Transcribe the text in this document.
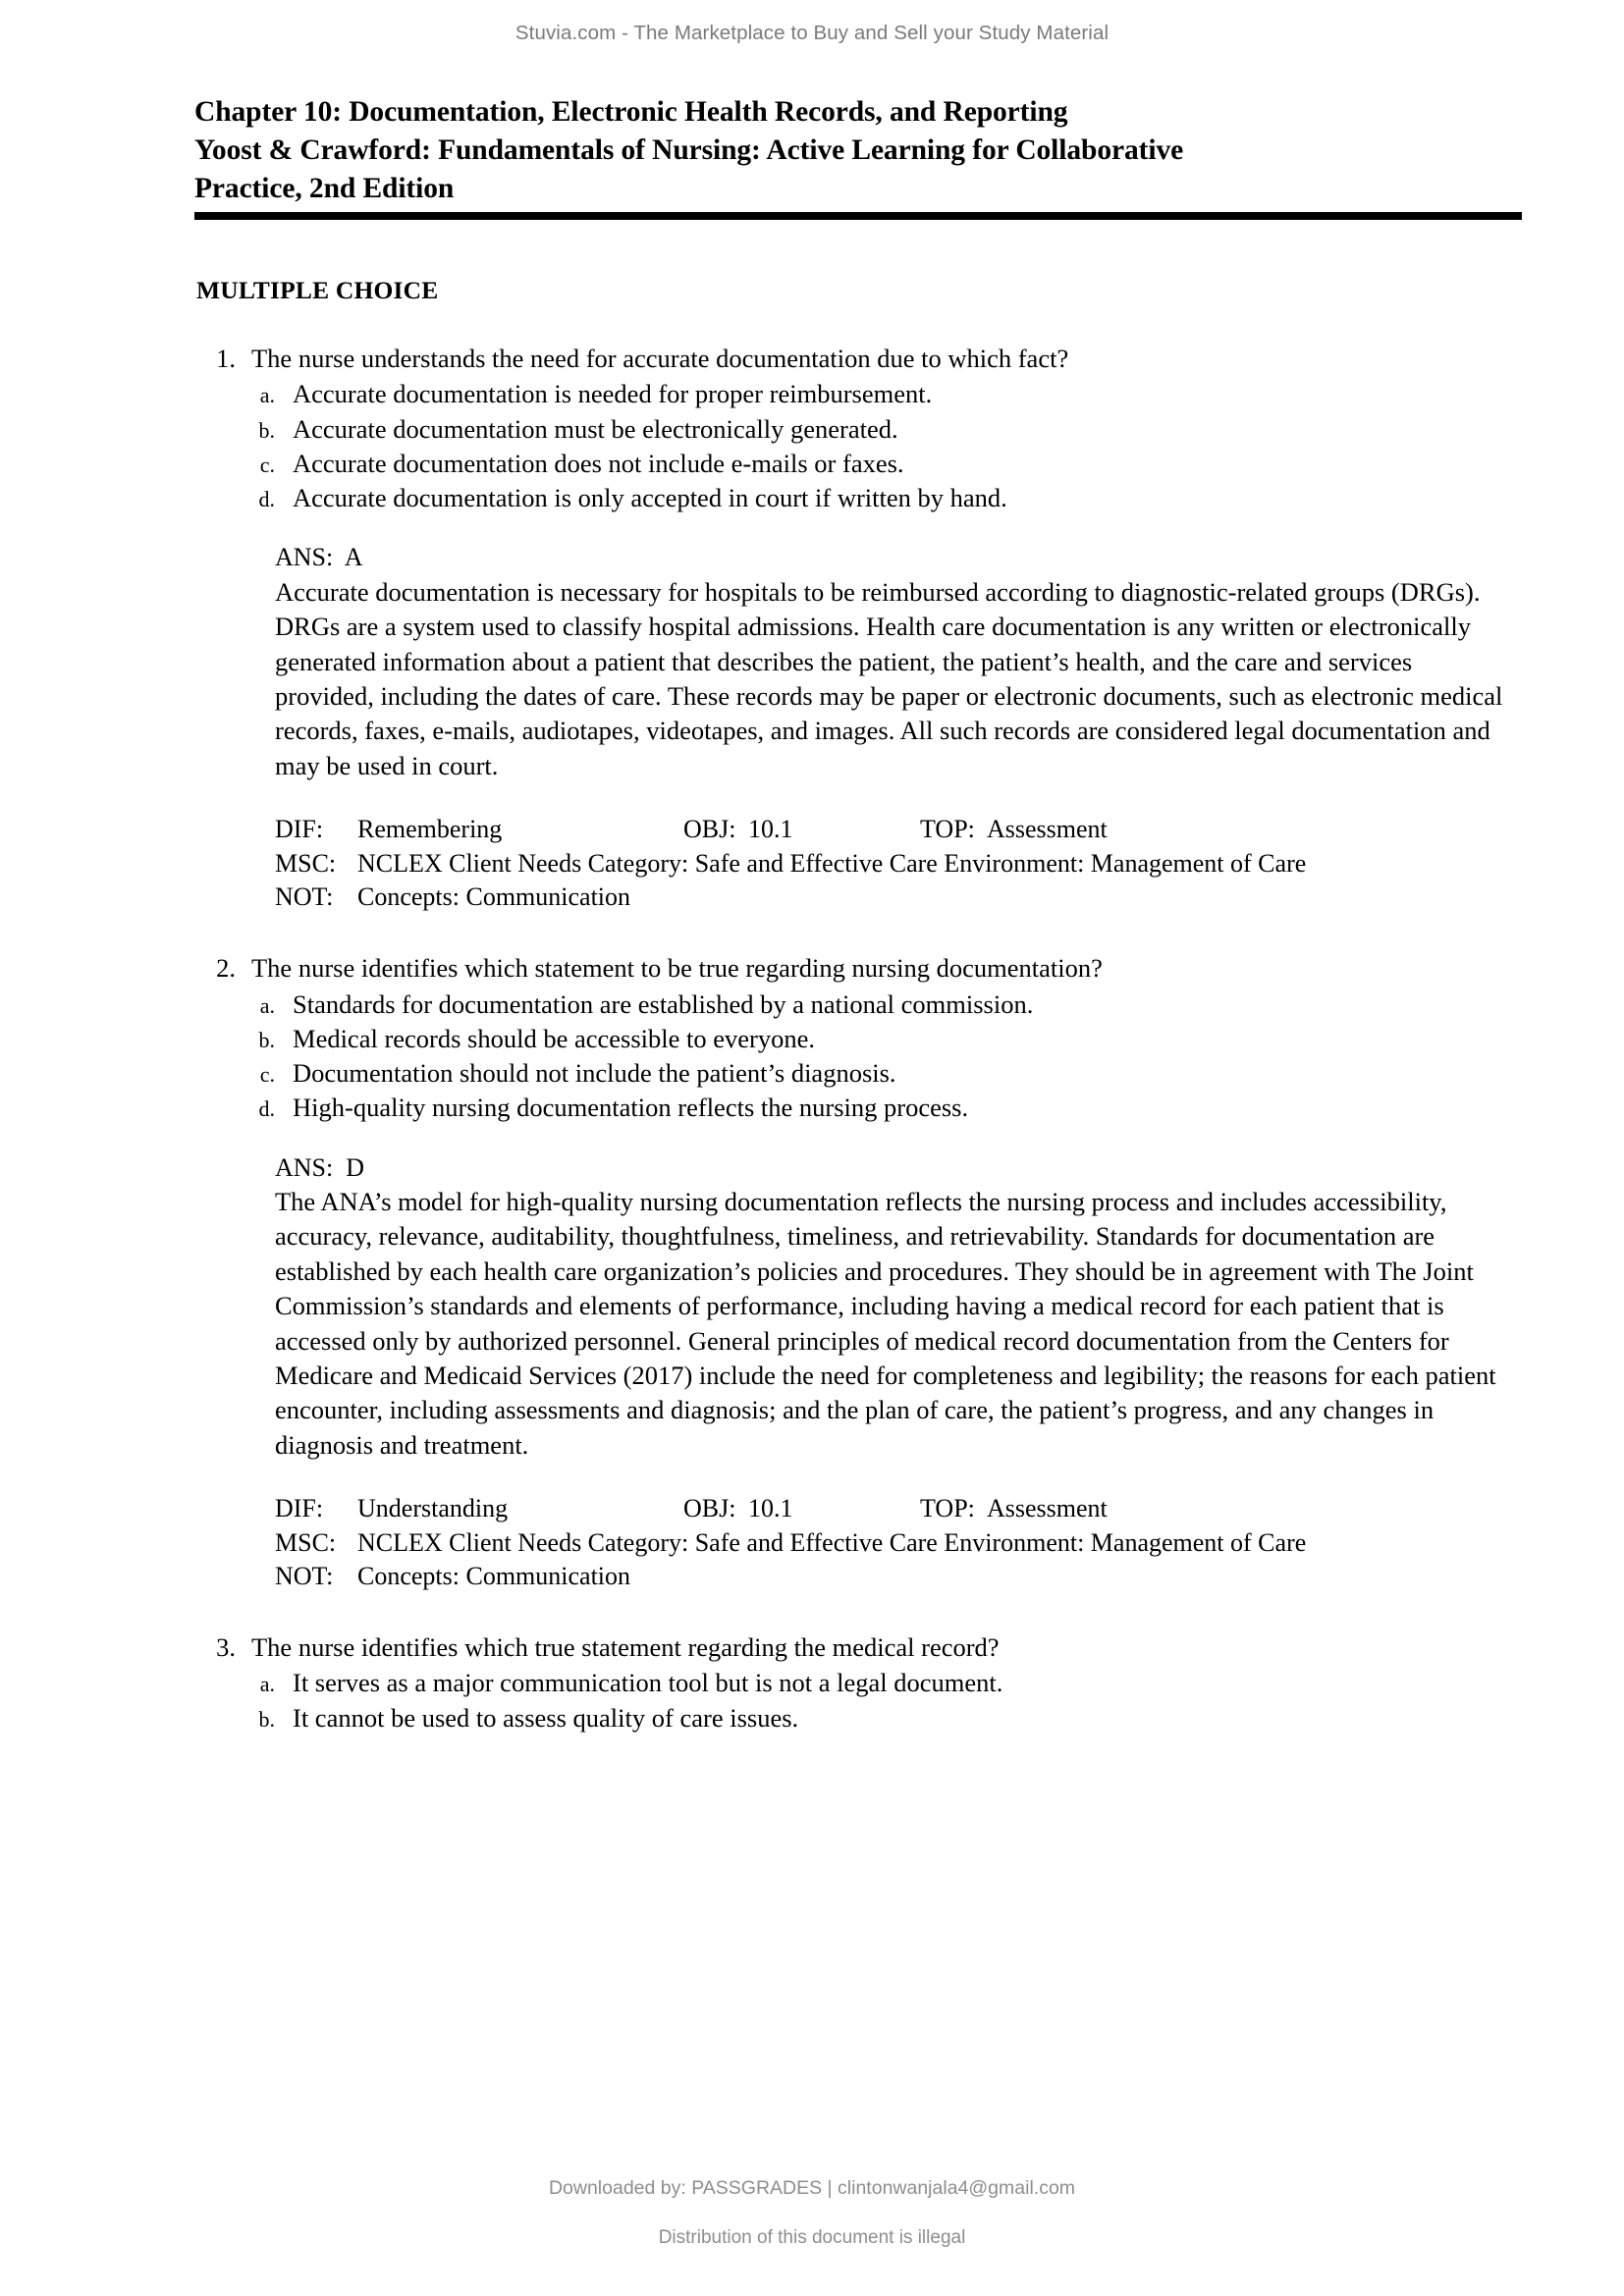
Stuvia.com - The Marketplace to Buy and Sell your Study Material
Chapter 10: Documentation, Electronic Health Records, and Reporting
Yoost & Crawford: Fundamentals of Nursing: Active Learning for Collaborative
Practice, 2nd Edition
MULTIPLE CHOICE
1. The nurse understands the need for accurate documentation due to which fact?
a. Accurate documentation is needed for proper reimbursement.
b. Accurate documentation must be electronically generated.
c. Accurate documentation does not include e-mails or faxes.
d. Accurate documentation is only accepted in court if written by hand.
ANS:  A
Accurate documentation is necessary for hospitals to be reimbursed according to diagnostic-related groups (DRGs). DRGs are a system used to classify hospital admissions. Health care documentation is any written or electronically generated information about a patient that describes the patient, the patient’s health, and the care and services provided, including the dates of care. These records may be paper or electronic documents, such as electronic medical records, faxes, e-mails, audiotapes, videotapes, and images. All such records are considered legal documentation and may be used in court.
DIF:	Remembering	OBJ: 10.1	TOP: Assessment
MSC: NCLEX Client Needs Category: Safe and Effective Care Environment: Management of Care
NOT: Concepts: Communication
2. The nurse identifies which statement to be true regarding nursing documentation?
a. Standards for documentation are established by a national commission.
b. Medical records should be accessible to everyone.
c. Documentation should not include the patient’s diagnosis.
d. High-quality nursing documentation reflects the nursing process.
ANS:  D
The ANA’s model for high-quality nursing documentation reflects the nursing process and includes accessibility, accuracy, relevance, auditability, thoughtfulness, timeliness, and retrievability. Standards for documentation are established by each health care organization’s policies and procedures. They should be in agreement with The Joint Commission’s standards and elements of performance, including having a medical record for each patient that is accessed only by authorized personnel. General principles of medical record documentation from the Centers for Medicare and Medicaid Services (2017) include the need for completeness and legibility; the reasons for each patient encounter, including assessments and diagnosis; and the plan of care, the patient’s progress, and any changes in diagnosis and treatment.
DIF:	Understanding	OBJ: 10.1	TOP: Assessment
MSC: NCLEX Client Needs Category: Safe and Effective Care Environment: Management of Care
NOT: Concepts: Communication
3. The nurse identifies which true statement regarding the medical record?
a. It serves as a major communication tool but is not a legal document.
b. It cannot be used to assess quality of care issues.
Downloaded by: PASSGRADES | clintonwanjala4@gmail.com
Distribution of this document is illegal
